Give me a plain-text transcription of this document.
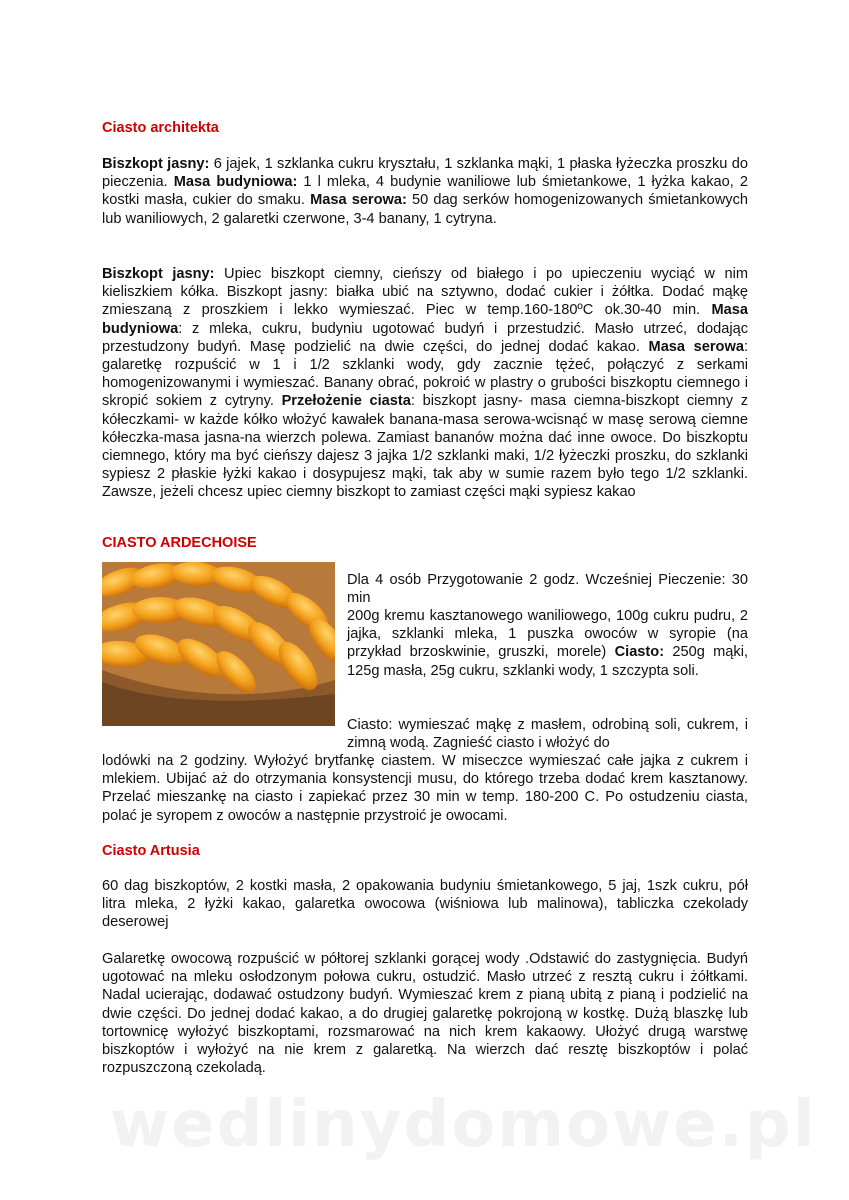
Ciasto architekta

Biszkopt jasny: 6 jajek, 1 szklanka cukru kryształu, 1 szklanka mąki, 1 płaska łyżeczka proszku do pieczenia. Masa budyniowa: 1 l mleka, 4 budynie waniliowe lub śmietankowe, 1 łyżka kakao, 2 kostki masła, cukier do smaku. Masa serowa: 50 dag serków homogenizowanych śmietankowych lub waniliowych, 2 galaretki czerwone, 3-4 banany, 1 cytryna.

Biszkopt jasny: Upiec biszkopt ciemny, cieńszy od białego i po upieczeniu wyciąć w nim kieliszkiem kółka. Biszkopt jasny: białka ubić na sztywno, dodać cukier i żółtka. Dodać mąkę zmieszaną z proszkiem i lekko wymieszać. Piec w temp.160-180ºC ok.30-40 min. Masa budyniowa: z mleka, cukru, budyniu ugotować budyń i przestudzić. Masło utrzeć, dodając przestudzony budyń. Masę podzielić na dwie części, do jednej dodać kakao. Masa serowa: galaretkę rozpuścić w 1 i 1/2 szklanki wody, gdy zacznie tężeć, połączyć z serkami homogenizowanymi i wymieszać. Banany obrać, pokroić w plastry o grubości biszkoptu ciemnego i skropić sokiem z cytryny. Przełożenie ciasta: biszkopt jasny- masa ciemna-biszkopt ciemny z kółeczkami- w każde kółko włożyć kawałek banana-masa serowa-wcisnąć w masę serową ciemne kółeczka-masa jasna-na wierzch polewa. Zamiast bananów można dać inne owoce. Do biszkoptu ciemnego, który ma być cieńszy dajesz 3 jajka 1/2 szklanki maki, 1/2 łyżeczki proszku, do szklanki sypiesz 2 płaskie łyżki kakao i dosypujesz mąki, tak aby w sumie razem było tego 1/2 szklanki. Zawsze, jeżeli chcesz upiec ciemny biszkopt to zamiast części mąki sypiesz kakao

CIASTO ARDECHOISE

Dla 4 osób Przygotowanie 2 godz. Wcześniej Pieczenie: 30 min

200g kremu kasztanowego waniliowego, 100g cukru pudru, 2 jajka, szklanki mleka, 1 puszka owoców w syropie (na przykład brzoskwinie, gruszki, morele) Ciasto: 250g mąki, 125g masła, 25g cukru, szklanki wody, 1 szczypta soli.

Ciasto: wymieszać mąkę z masłem, odrobiną soli, cukrem, i zimną wodą. Zagnieść ciasto i włożyć do

lodówki na 2 godziny. Wyłożyć brytfankę ciastem. W miseczce wymieszać całe jajka z cukrem i mlekiem. Ubijać aż do otrzymania konsystencji musu, do którego trzeba dodać krem kasztanowy. Przelać mieszankę na ciasto i zapiekać przez 30 min w temp. 180-200 C. Po ostudzeniu ciasta, polać je syropem z owoców a następnie przystroić je owocami.

Ciasto Artusia

60 dag biszkoptów, 2 kostki masła, 2 opakowania budyniu śmietankowego, 5 jaj, 1szk cukru, pół litra mleka, 2 łyżki kakao, galaretka owocowa (wiśniowa lub malinowa), tabliczka czekolady deserowej

Galaretkę owocową rozpuścić w półtorej szklanki gorącej wody .Odstawić do zastygnięcia. Budyń ugotować na mleku osłodzonym połowa cukru, ostudzić. Masło utrzeć z resztą cukru i żółtkami. Nadal ucierając, dodawać ostudzony budyń. Wymieszać krem z pianą ubitą z pianą i podzielić na dwie części. Do jednej dodać kakao, a do drugiej galaretkę pokrojoną w kostkę. Dużą blaszkę lub tortownicę wyłożyć biszkoptami, rozsmarować na nich krem kakaowy. Ułożyć drugą warstwę biszkoptów i wyłożyć na nie krem z galaretką. Na wierzch dać resztę biszkoptów i polać rozpuszczoną czekoladą.

wedlinydomowe.pl
